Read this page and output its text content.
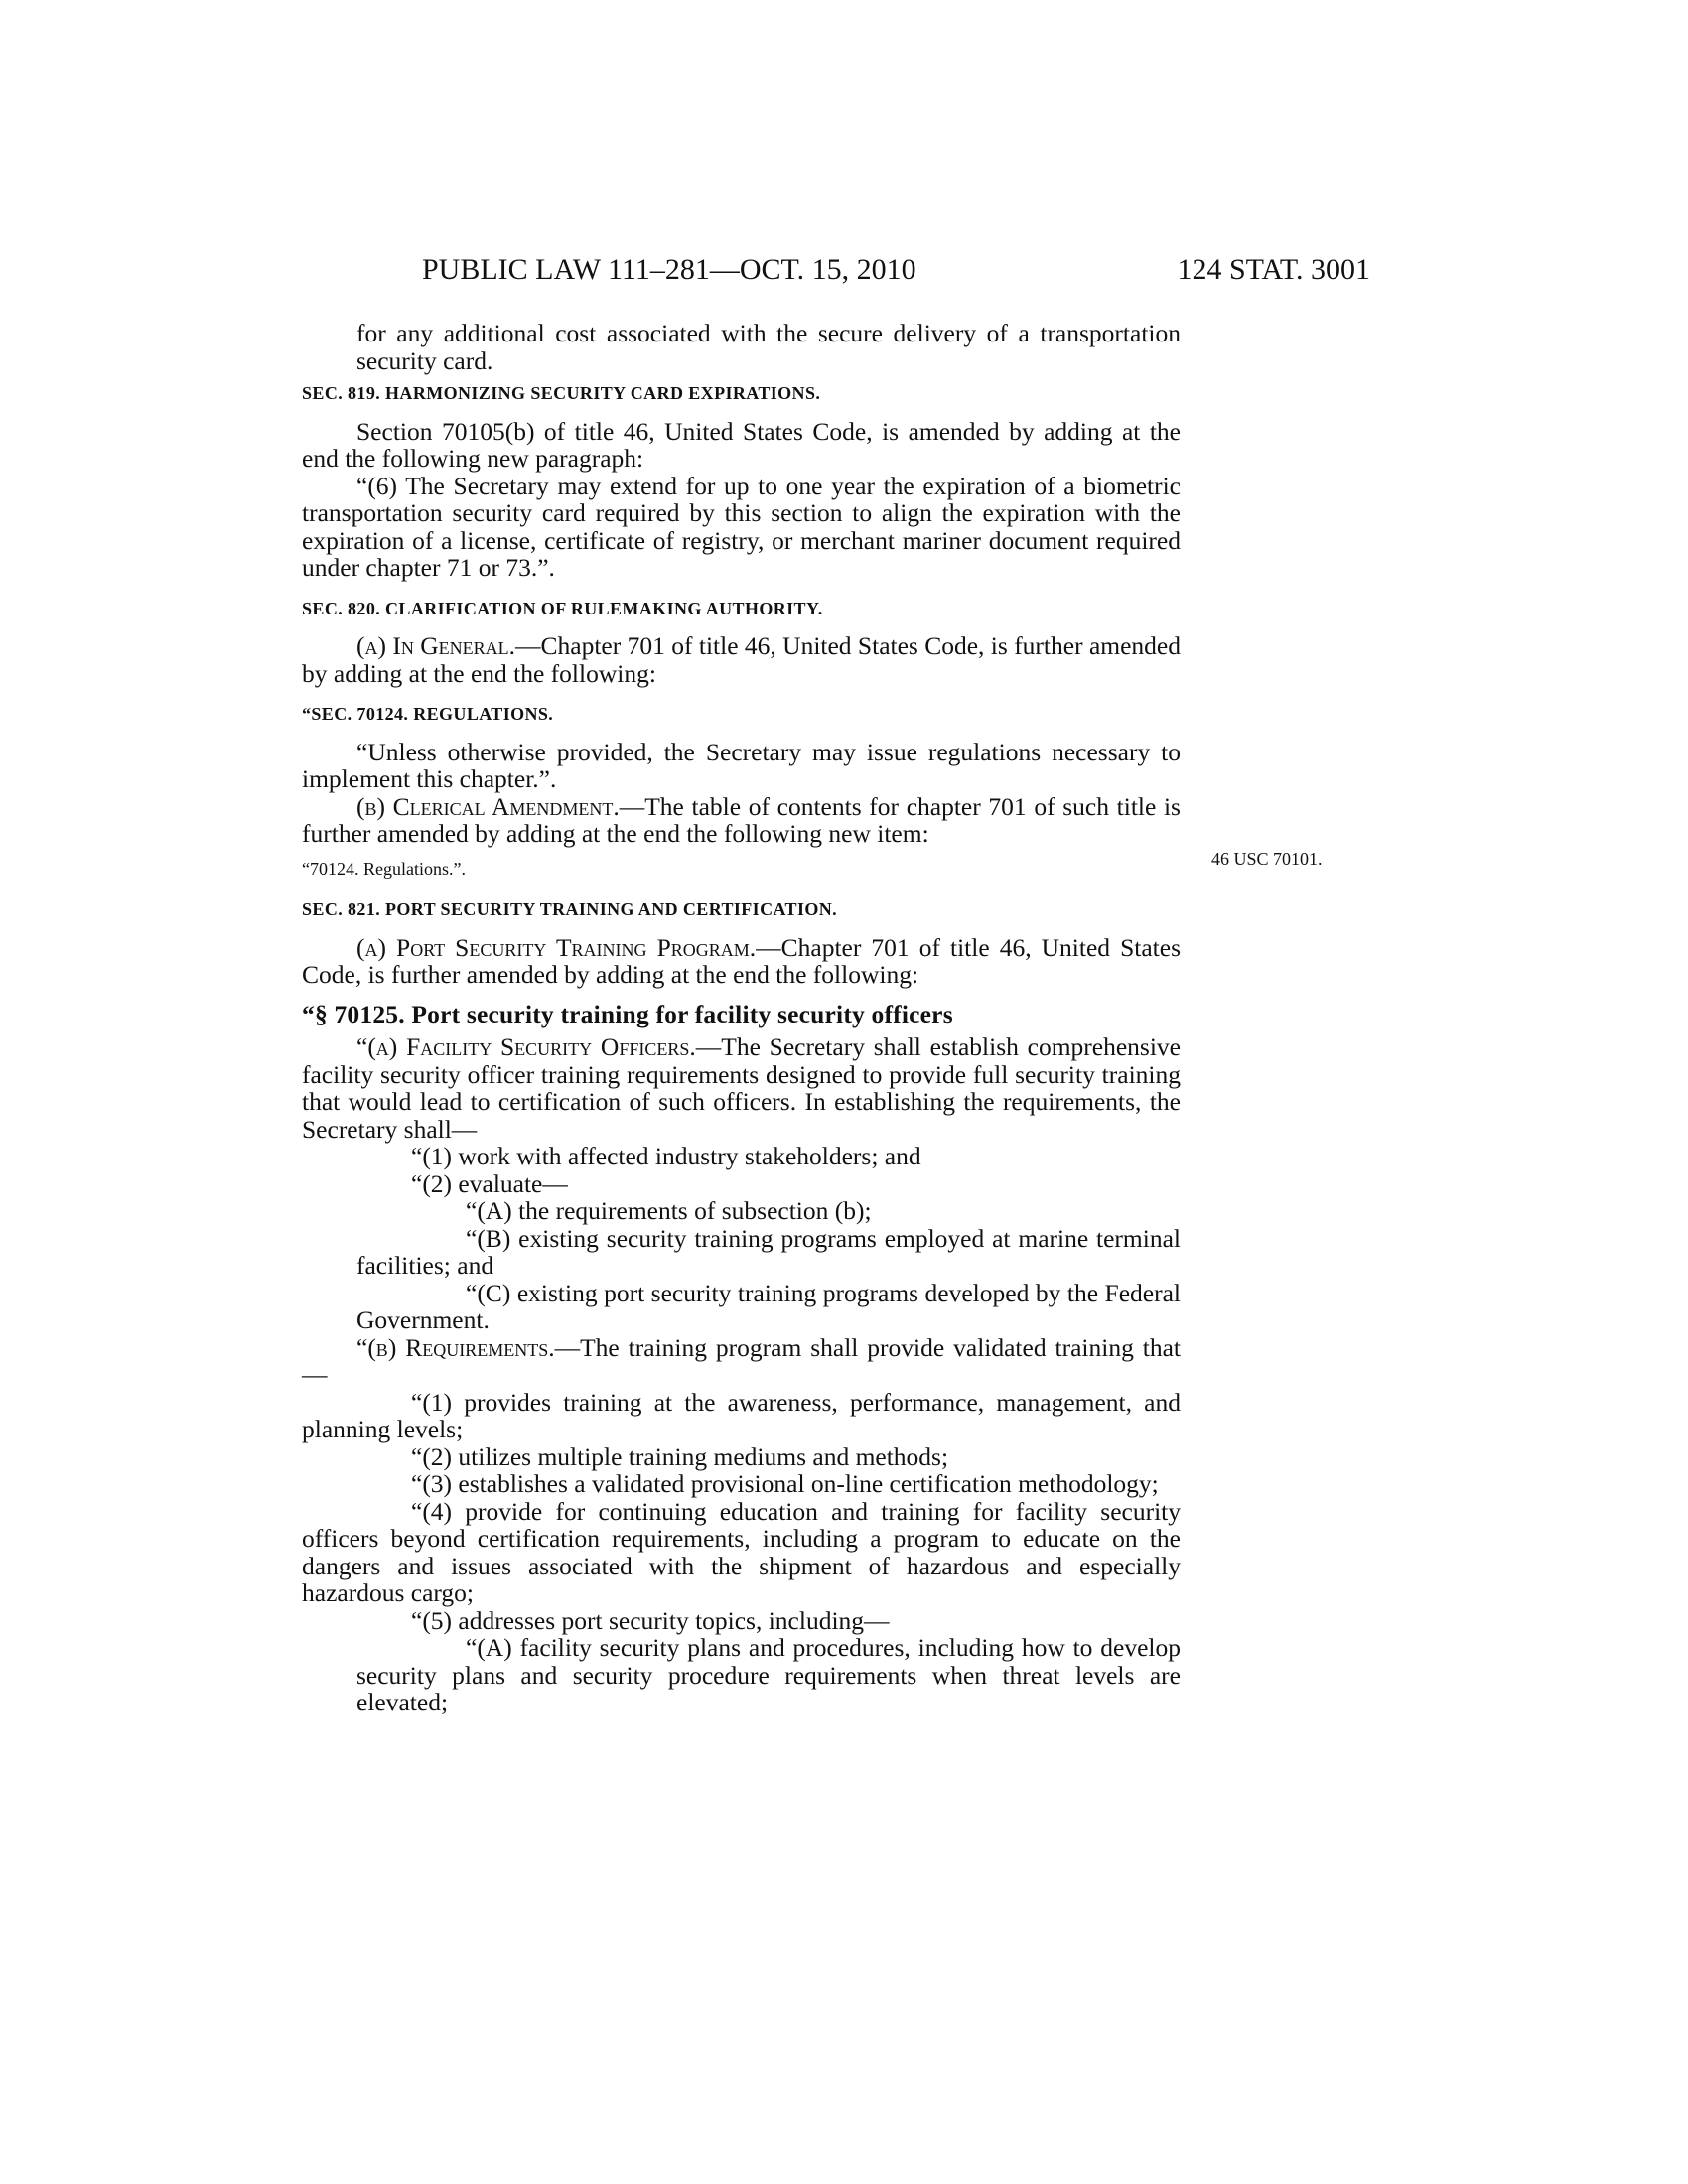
PUBLIC LAW 111–281—OCT. 15, 2010	124 STAT. 3001
46 USC 70101.

for any additional cost associated with the secure delivery of a transportation security card.

SEC. 819. HARMONIZING SECURITY CARD EXPIRATIONS.

Section 70105(b) of title 46, United States Code, is amended by adding at the end the following new paragraph:

“(6) The Secretary may extend for up to one year the expiration of a biometric transportation security card required by this section to align the expiration with the expiration of a license, certificate of registry, or merchant mariner document required under chapter 71 or 73.”.

SEC. 820. CLARIFICATION OF RULEMAKING AUTHORITY.

(a) In General.—Chapter 701 of title 46, United States Code, is further amended by adding at the end the following:

“SEC. 70124. REGULATIONS.

“Unless otherwise provided, the Secretary may issue regulations necessary to implement this chapter.”.

(b) Clerical Amendment.—The table of contents for chapter 701 of such title is further amended by adding at the end the following new item:

“70124. Regulations.”.

SEC. 821. PORT SECURITY TRAINING AND CERTIFICATION.

(a) Port Security Training Program.—Chapter 701 of title 46, United States Code, is further amended by adding at the end the following:

“§ 70125. Port security training for facility security officers

“(a) Facility Security Officers.—The Secretary shall establish comprehensive facility security officer training requirements designed to provide full security training that would lead to certification of such officers. In establishing the requirements, the Secretary shall—

“(1) work with affected industry stakeholders; and

“(2) evaluate—

“(A) the requirements of subsection (b);

“(B) existing security training programs employed at marine terminal facilities; and

“(C) existing port security training programs developed by the Federal Government.

“(b) Requirements.—The training program shall provide validated training that—

“(1) provides training at the awareness, performance, management, and planning levels;

“(2) utilizes multiple training mediums and methods;

“(3) establishes a validated provisional on-line certification methodology;

“(4) provide for continuing education and training for facility security officers beyond certification requirements, including a program to educate on the dangers and issues associated with the shipment of hazardous and especially hazardous cargo;

“(5) addresses port security topics, including—

“(A) facility security plans and procedures, including how to develop security plans and security procedure requirements when threat levels are elevated;
